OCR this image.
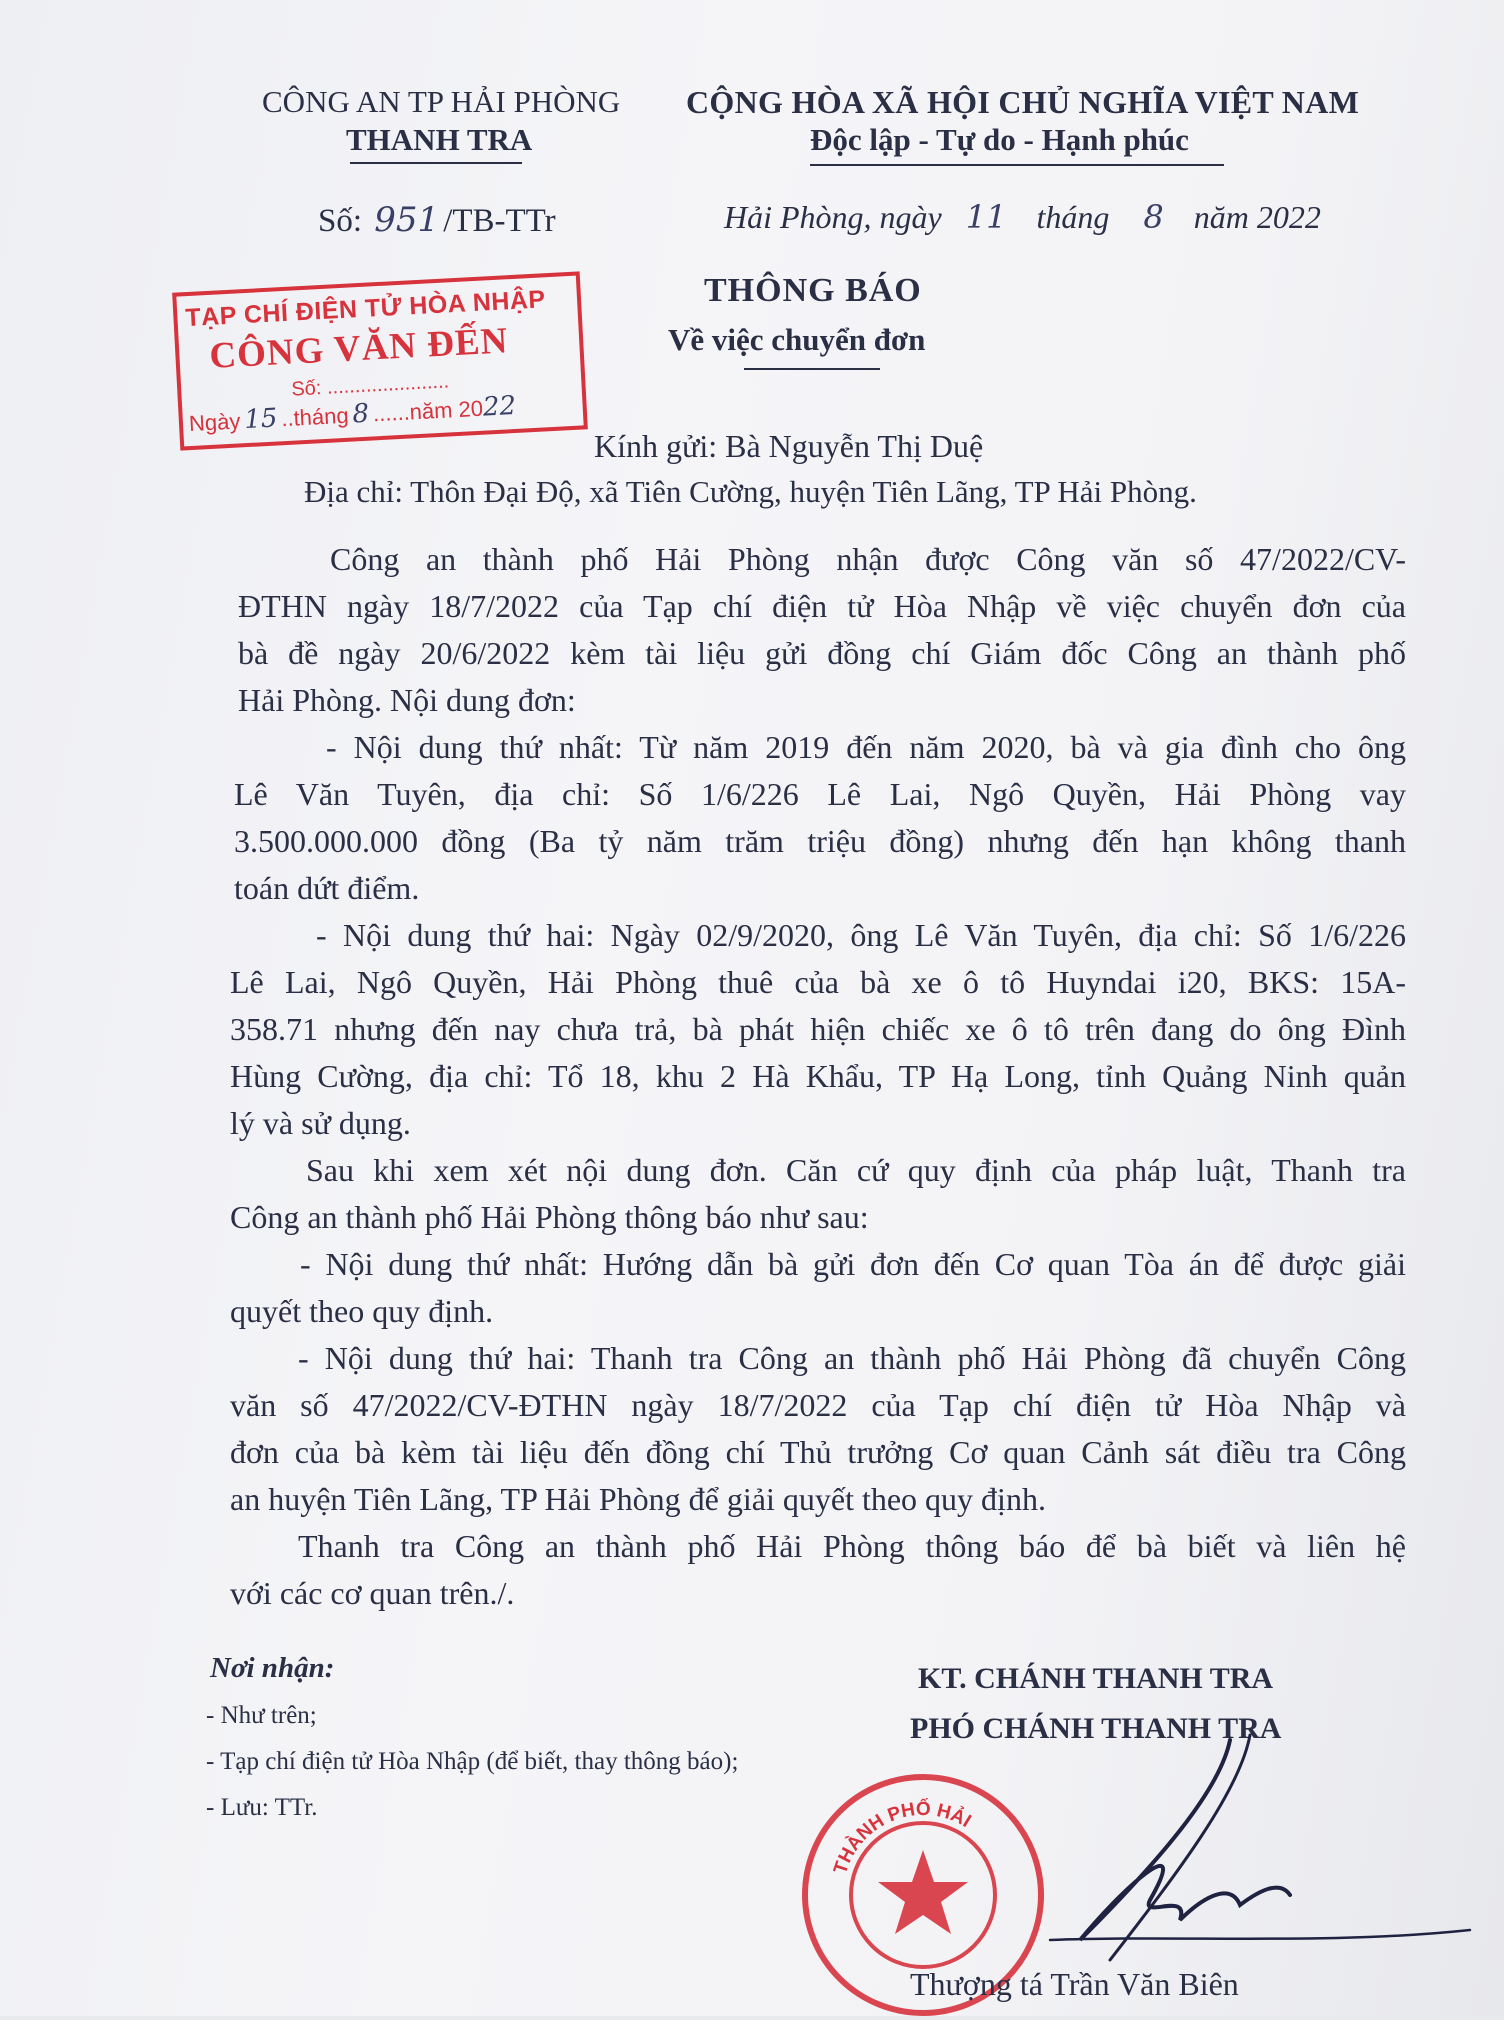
CÔNG AN TP HẢI PHÒNG
THANH TRA
CỘNG HÒA XÃ HỘI CHỦ NGHĨA VIỆT NAM
Độc lập - Tự do - Hạnh phúc
Số: 951 /TB-TTr	Hải Phòng, ngày 11 tháng 8 năm 2022
TẠP CHÍ ĐIỆN TỬ HÒA NHẬP
CÔNG VĂN ĐẾN
Số: ......................
Ngày15 ..tháng8 ......năm 2022
THÔNG BÁO
Về việc chuyển đơn
Kính gửi: Bà Nguyễn Thị Duệ
Địa chỉ: Thôn Đại Độ, xã Tiên Cường, huyện Tiên Lãng, TP Hải Phòng.
Công an thành phố Hải Phòng nhận được Công văn số 47/2022/CV-
ĐTHN ngày 18/7/2022 của Tạp chí điện tử Hòa Nhập về việc chuyển đơn của
bà đề ngày 20/6/2022 kèm tài liệu gửi đồng chí Giám đốc Công an thành phố
Hải Phòng. Nội dung đơn:
- Nội dung thứ nhất: Từ năm 2019 đến năm 2020, bà và gia đình cho ông
Lê Văn Tuyên, địa chỉ: Số 1/6/226 Lê Lai, Ngô Quyền, Hải Phòng vay
3.500.000.000 đồng (Ba tỷ năm trăm triệu đồng) nhưng đến hạn không thanh
toán dứt điểm.
- Nội dung thứ hai: Ngày 02/9/2020, ông Lê Văn Tuyên, địa chỉ: Số 1/6/226
Lê Lai, Ngô Quyền, Hải Phòng thuê của bà xe ô tô Huyndai i20, BKS: 15A-
358.71 nhưng đến nay chưa trả, bà phát hiện chiếc xe ô tô trên đang do ông Đình
Hùng Cường, địa chỉ: Tổ 18, khu 2 Hà Khẩu, TP Hạ Long, tỉnh Quảng Ninh quản
lý và sử dụng.
Sau khi xem xét nội dung đơn. Căn cứ quy định của pháp luật, Thanh tra
Công an thành phố Hải Phòng thông báo như sau:
- Nội dung thứ nhất: Hướng dẫn bà gửi đơn đến Cơ quan Tòa án để được giải
quyết theo quy định.
- Nội dung thứ hai: Thanh tra Công an thành phố Hải Phòng đã chuyển Công
văn số 47/2022/CV-ĐTHN ngày 18/7/2022 của Tạp chí điện tử Hòa Nhập và
đơn của bà kèm tài liệu đến đồng chí Thủ trưởng Cơ quan Cảnh sát điều tra Công
an huyện Tiên Lãng, TP Hải Phòng để giải quyết theo quy định.
Thanh tra Công an thành phố Hải Phòng thông báo để bà biết và liên hệ
với các cơ quan trên./.
Nơi nhận:
- Như trên;
- Tạp chí điện tử Hòa Nhập (để biết, thay thông báo);
- Lưu: TTr.
KT. CHÁNH THANH TRA
PHÓ CHÁNH THANH TRA
THÀNH PHỐ HẢI
Thượng tá Trần Văn Biên
